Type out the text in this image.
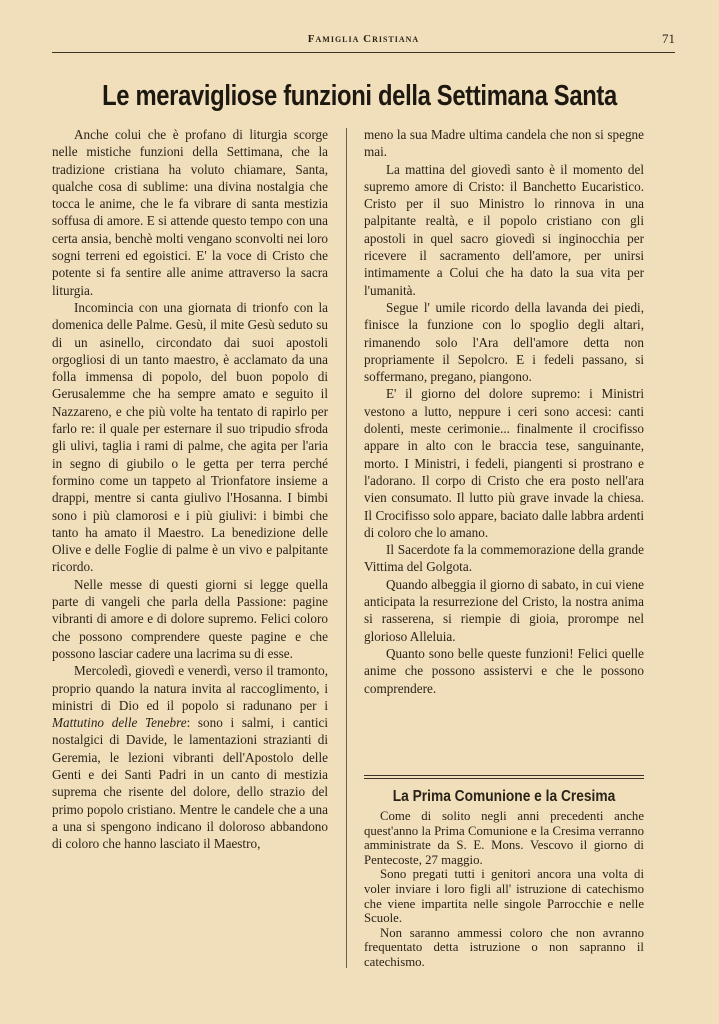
Famiglia Cristiana	71
Le meravigliose funzioni della Settimana Santa

Anche colui che è profano di liturgia scorge nelle mistiche funzioni della Settimana, che la tradizione cristiana ha voluto chiamare, Santa, qualche cosa di sublime: una divina nostalgia che tocca le anime, che le fa vibrare di santa mestizia soffusa di amore. E si attende questo tempo con una certa ansia, benchè molti vengano sconvolti nei loro sogni terreni ed egoistici. E' la voce di Cristo che potente si fa sentire alle anime attraverso la sacra liturgia.

Incomincia con una giornata di trionfo con la domenica delle Palme. Gesù, il mite Gesù seduto su di un asinello, circondato dai suoi apostoli orgogliosi di un tanto maestro, è acclamato da una folla immensa di popolo, del buon popolo di Gerusalemme che ha sempre amato e seguito il Nazzareno, e che più volte ha tentato di rapirlo per farlo re: il quale per esternare il suo tripudio sfroda gli ulivi, taglia i rami di palme, che agita per l'aria in segno di giubilo o le getta per terra perché formino come un tappeto al Trionfatore insieme a drappi, mentre si canta giulivo l'Hosanna. I bimbi sono i più clamorosi e i più giulivi: i bimbi che tanto ha amato il Maestro. La benedizione delle Olive e delle Foglie di palme è un vivo e palpitante ricordo.

Nelle messe di questi giorni si legge quella parte di vangeli che parla della Passione: pagine vibranti di amore e di dolore supremo. Felici coloro che possono comprendere queste pagine e che possono lasciar cadere una lacrima su di esse.

Mercoledì, giovedì e venerdì, verso il tramonto, proprio quando la natura invita al raccoglimento, i ministri di Dio ed il popolo si radunano per i Mattutino delle Tenebre: sono i salmi, i cantici nostalgici di Davide, le lamentazioni strazianti di Geremia, le lezioni vibranti dell'Apostolo delle Genti e dei Santi Padri in un canto di mestizia suprema che risente del dolore, dello strazio del primo popolo cristiano. Mentre le candele che a una a una si spengono indicano il doloroso abbandono di coloro che hanno lasciato il Maestro,

meno la sua Madre ultima candela che non si spegne mai.

La mattina del giovedì santo è il momento del supremo amore di Cristo: il Banchetto Eucaristico. Cristo per il suo Ministro lo rinnova in una palpitante realtà, e il popolo cristiano con gli apostoli in quel sacro giovedì si inginocchia per ricevere il sacramento dell'amore, per unirsi intimamente a Colui che ha dato la sua vita per l'umanità.

Segue l' umile ricordo della lavanda dei piedi, finisce la funzione con lo spoglio degli altari, rimanendo solo l'Ara dell'amore detta non propriamente il Sepolcro. E i fedeli passano, si soffermano, pregano, piangono.

E' il giorno del dolore supremo: i Ministri vestono a lutto, neppure i ceri sono accesi: canti dolenti, meste cerimonie... finalmente il crocifisso appare in alto con le braccia tese, sanguinante, morto. I Ministri, i fedeli, piangenti si prostrano e l'adorano. Il corpo di Cristo che era posto nell'ara vien consumato. Il lutto più grave invade la chiesa. Il Crocifisso solo appare, baciato dalle labbra ardenti di coloro che lo amano.

Il Sacerdote fa la commemorazione della grande Vittima del Golgota.

Quando albeggia il giorno di sabato, in cui viene anticipata la resurrezione del Cristo, la nostra anima si rasserena, si riempie di gioia, prorompe nel glorioso Alleluia.

Quanto sono belle queste funzioni! Felici quelle anime che possono assistervi e che le possono comprendere.

La Prima Comunione e la Cresima

Come di solito negli anni precedenti anche quest'anno la Prima Comunione e la Cresima verranno amministrate da S. E. Mons. Vescovo il giorno di Pentecoste, 27 maggio.

Sono pregati tutti i genitori ancora una volta di voler inviare i loro figli all' istruzione di catechismo che viene impartita nelle singole Parrocchie e nelle Scuole.

Non saranno ammessi coloro che non avranno frequentato detta istruzione o non sapranno il catechismo.
